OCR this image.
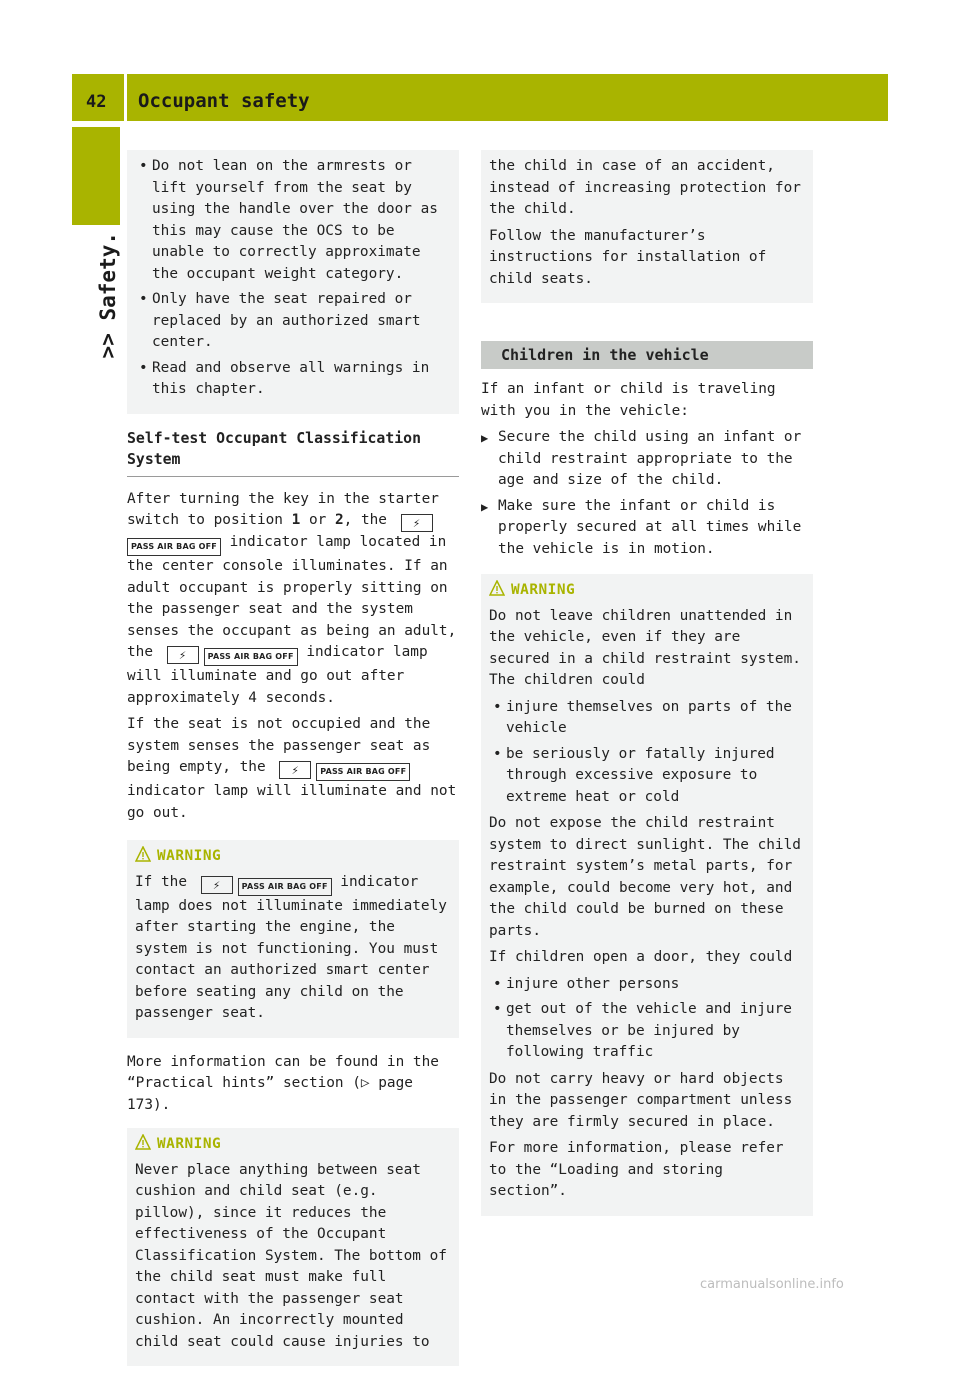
42 Occupant safety
>> Safety.
• Do not lean on the armrests or lift yourself from the seat by using the handle over the door as this may cause the OCS to be unable to correctly approximate the occupant weight category.
• Only have the seat repaired or replaced by an authorized smart center.
• Read and observe all warnings in this chapter.
Self-test Occupant Classification System

After turning the key in the starter switch to position 1 or 2, the ⚡PASS AIR BAG OFF indicator lamp located in the center console illuminates. If an adult occupant is properly sitting on the passenger seat and the system senses the occupant as being an adult, the ⚡	PASS AIR BAG OFF indicator lamp will illuminate and go out after approximately 4 seconds.

If the seat is not occupied and the system senses the passenger seat as being empty, the ⚡	PASS AIR BAG OFF indicator lamp will illuminate and not go out.

WARNING

If the ⚡	PASS AIR BAG OFF indicator lamp does not illuminate immediately after starting the engine, the system is not functioning. You must contact an authorized smart center before seating any child on the passenger seat.

More information can be found in the “Practical hints” section (▷ page 173).

WARNING

Never place anything between seat cushion and child seat (e.g. pillow), since it reduces the effectiveness of the Occupant Classification System. The bottom of the child seat must make full contact with the passenger seat cushion. An incorrectly mounted child seat could cause injuries to

the child in case of an accident, instead of increasing protection for the child.

Follow the manufacturer’s instructions for installation of child seats.

Children in the vehicle

If an infant or child is traveling with you in the vehicle:

▶ Secure the child using an infant or child restraint appropriate to the age and size of the child.
▶ Make sure the infant or child is properly secured at all times while the vehicle is in motion.
WARNING

Do not leave children unattended in the vehicle, even if they are secured in a child restraint system. The children could

• injure themselves on parts of the vehicle
• be seriously or fatally injured through excessive exposure to extreme heat or cold

Do not expose the child restraint system to direct sunlight. The child restraint system’s metal parts, for example, could become very hot, and the child could be burned on these parts.

If children open a door, they could

• injure other persons
• get out of the vehicle and injure themselves or be injured by following traffic

Do not carry heavy or hard objects in the passenger compartment unless they are firmly secured in place.

For more information, please refer to the “Loading and storing section”.

carmanualsonline.info
